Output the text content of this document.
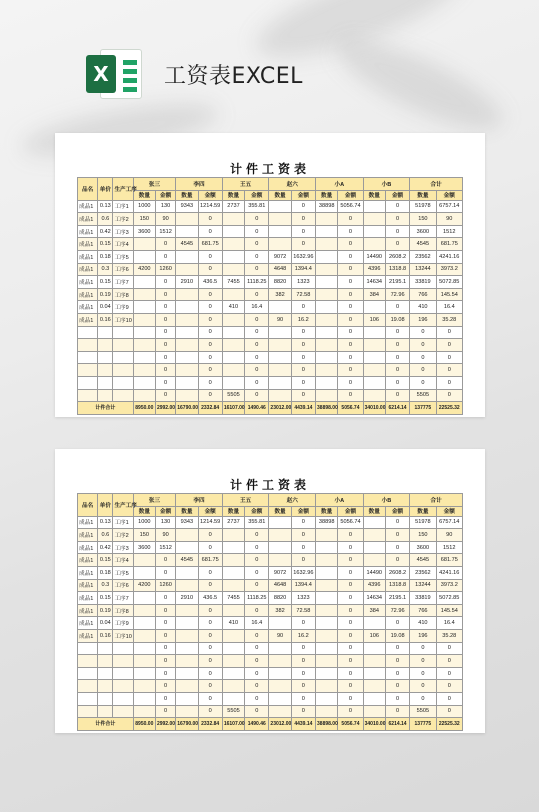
X	工资表EXCEL
计件工资表
品名	单价	生产工序	张三		李四		王五		赵六		小A		小B		合计	
			数量	金额	数量	金额	数量	金额	数量	金额	数量	金额	数量	金额	数量	金额
成品1	0.13	工序1	1000	130	9343	1214.59	2737	355.81		0	38898	5056.74		0	51978	6757.14
成品1	0.6	工序2	150	90		0		0		0		0		0	150	90
成品1	0.42	工序3	3600	1512		0		0		0		0		0	3600	1512
成品1	0.15	工序4		0	4545	681.75		0		0		0		0	4545	681.75
成品1	0.18	工序5		0		0		0	9072	1632.96		0	14490	2608.2	23562	4241.16
成品1	0.3	工序6	4200	1260		0		0	4648	1394.4		0	4396	1318.8	13244	3973.2
成品1	0.15	工序7		0	2910	436.5	7455	1118.25	8820	1323		0	14634	2195.1	33819	5072.85
成品1	0.19	工序8		0		0		0	382	72.58		0	384	72.96	766	145.54
成品1	0.04	工序9		0		0	410	16.4		0		0		0	410	16.4
成品1	0.16	工序10		0		0		0	90	16.2		0	106	19.08	196	35.28
				0		0		0		0		0		0	0	0
				0		0		0		0		0		0	0	0
				0		0		0		0		0		0	0	0
				0		0		0		0		0		0	0	0
				0		0		0		0		0		0	0	0
				0		0	5505	0		0		0		0	5505	0
计件合计			8950.00	2992.00	16790.00	2332.84	16107.00	1490.46	23012.00	4439.14	38898.00	5056.74	34010.00	6214.14	137775	22525.32
计件工资表
品名	单价	生产工序	张三		李四		王五		赵六		小A		小B		合计	
			数量	金额	数量	金额	数量	金额	数量	金额	数量	金额	数量	金额	数量	金额
成品1	0.13	工序1	1000	130	9343	1214.59	2737	355.81		0	38898	5056.74		0	51978	6757.14
成品1	0.6	工序2	150	90		0		0		0		0		0	150	90
成品1	0.42	工序3	3600	1512		0		0		0		0		0	3600	1512
成品1	0.15	工序4		0	4545	681.75		0		0		0		0	4545	681.75
成品1	0.18	工序5		0		0		0	9072	1632.96		0	14490	2608.2	23562	4241.16
成品1	0.3	工序6	4200	1260		0		0	4648	1394.4		0	4396	1318.8	13244	3973.2
成品1	0.15	工序7		0	2910	436.5	7455	1118.25	8820	1323		0	14634	2195.1	33819	5072.85
成品1	0.19	工序8		0		0		0	382	72.58		0	384	72.96	766	145.54
成品1	0.04	工序9		0		0	410	16.4		0		0		0	410	16.4
成品1	0.16	工序10		0		0		0	90	16.2		0	106	19.08	196	35.28
				0		0		0		0		0		0	0	0
				0		0		0		0		0		0	0	0
				0		0		0		0		0		0	0	0
				0		0		0		0		0		0	0	0
				0		0		0		0		0		0	0	0
				0		0	5505	0		0		0		0	5505	0
计件合计			8950.00	2992.00	16790.00	2332.84	16107.00	1490.46	23012.00	4439.14	38898.00	5056.74	34010.00	6214.14	137775	22525.32
